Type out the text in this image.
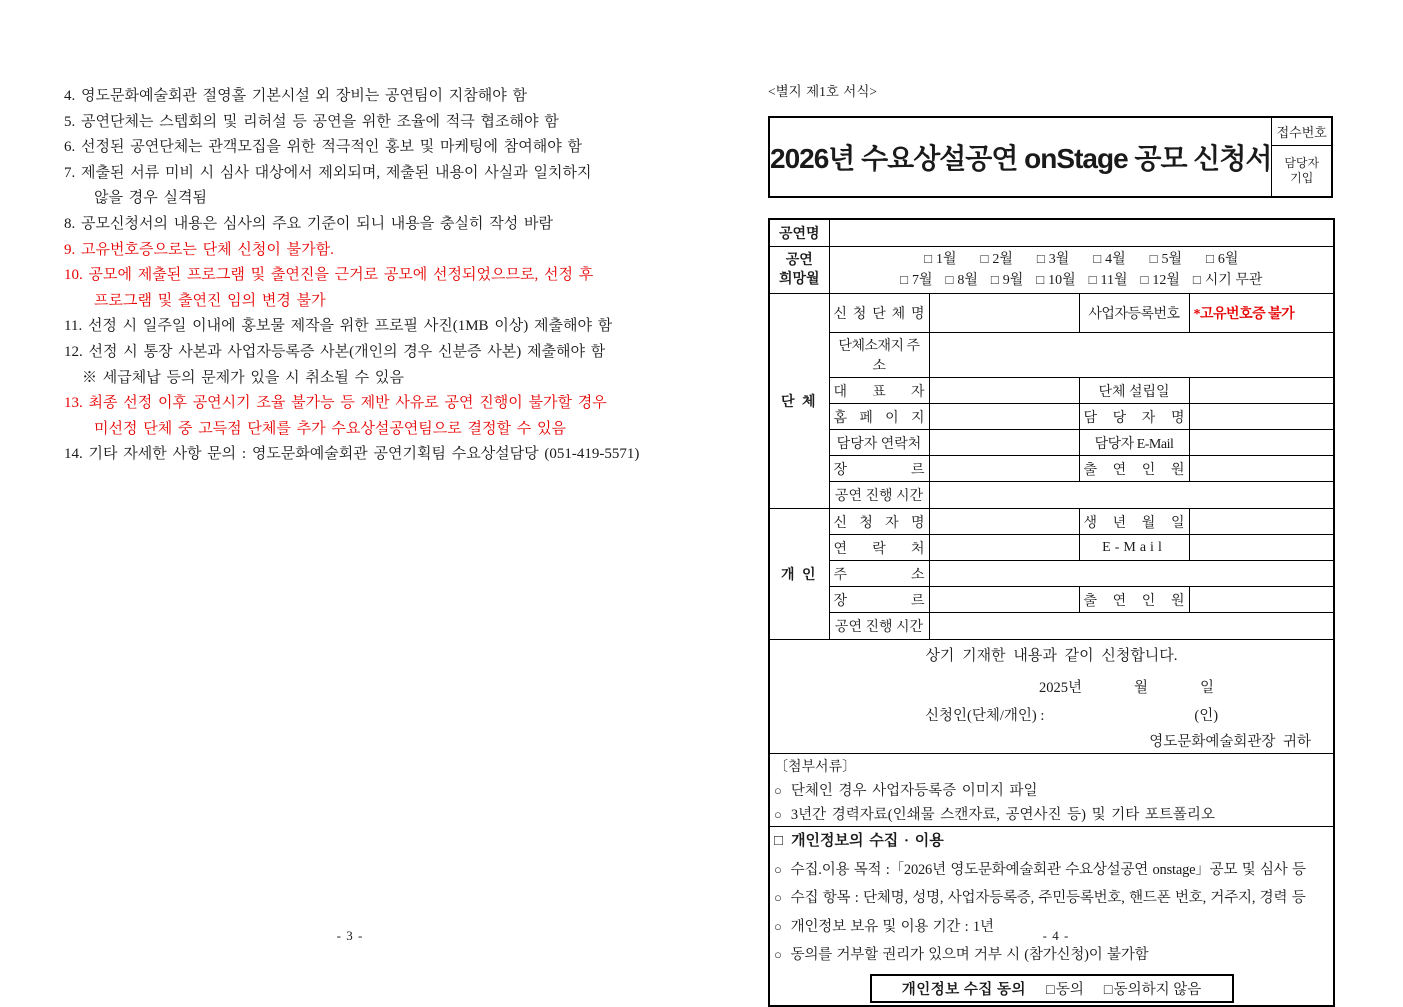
4. 영도문화예술회관 절영홀 기본시설 외 장비는 공연팀이 지참해야 함
5. 공연단체는 스텝회의 및 리허설 등 공연을 위한 조율에 적극 협조해야 함
6. 선정된 공연단체는 관객모집을 위한 적극적인 홍보 및 마케팅에 참여해야 함
7. 제출된 서류 미비 시 심사 대상에서 제외되며, 제출된 내용이 사실과 일치하지
않을 경우 실격됨
8. 공모신청서의 내용은 심사의 주요 기준이 되니 내용을 충실히 작성 바람
9. 고유번호증으로는 단체 신청이 불가함.
10. 공모에 제출된 프로그램 및 출연진을 근거로 공모에 선정되었으므로, 선정 후
프로그램 및 출연진 임의 변경 불가
11. 선정 시 일주일 이내에 홍보물 제작을 위한 프로필 사진(1MB 이상) 제출해야 함
12. 선정 시 통장 사본과 사업자등록증 사본(개인의 경우 신분증 사본) 제출해야 함
※ 세급체납 등의 문제가 있을 시 취소될 수 있음
13. 최종 선정 이후 공연시기 조율 불가능 등 제반 사유로 공연 진행이 불가할 경우
미선정 단체 중 고득점 단체를 추가 수요상설공연팀으로 결정할 수 있음
14. 기타 자세한 사항 문의 : 영도문화예술회관 공연기획팀 수요상설담당 (051-419-5571)
- 3 -
<별지 제1호 서식>
2026년 수요상설공연 onStage 공모 신청서
접수번호
담당자
기입
공연명				

공연
희망월

□ 1월 □ 2월 □ 3월 □ 4월 □ 5월 □ 6월
□ 7월 □ 8월 □ 9월 □ 10월 □ 11월 □ 12월 □ 시기 무관

단 체	신 청 단 체 명		사업자등록번호	*고유번호증 불가
	단체소재지 주소			
	대 표 자		단체 설립일	
	홈 페 이 지		담 당 자 명	
	담당자 연락처		담당자 E-Mail	
	장 르		출 연 인 원	
	공연 진행 시간			
개 인	신 청 자 명		생 년 월 일	
	연 락 처		E-Mail	
	주 소			
	장 르		출 연 인 원	
	공연 진행 시간			

상기 기재한 내용과 같이 신청합니다.
2025년	월	일
신청인(단체/개인) :	(인)
영도문화예술회관장 귀하

〔첨부서류〕
○ 단체인 경우 사업자등록증 이미지 파일
○ 3년간 경력자료(인쇄물 스캔자료, 공연사진 등) 및 기타 포트폴리오				

□ 개인정보의 수집 · 이용
○ 수집.이용 목적 :「2026년 영도문화예술회관 수요상설공연 onstage」공모 및 심사 등
○ 수집 항목 : 단체명, 성명, 사업자등록증, 주민등록번호, 핸드폰 번호, 거주지, 경력 등
○ 개인정보 보유 및 이용 기간 : 1년
○ 동의를 거부할 권리가 있으며 거부 시 (참가신청)이 불가함
개인정보 수집 동의 □동의 □동의하지 않음
- 4 -
